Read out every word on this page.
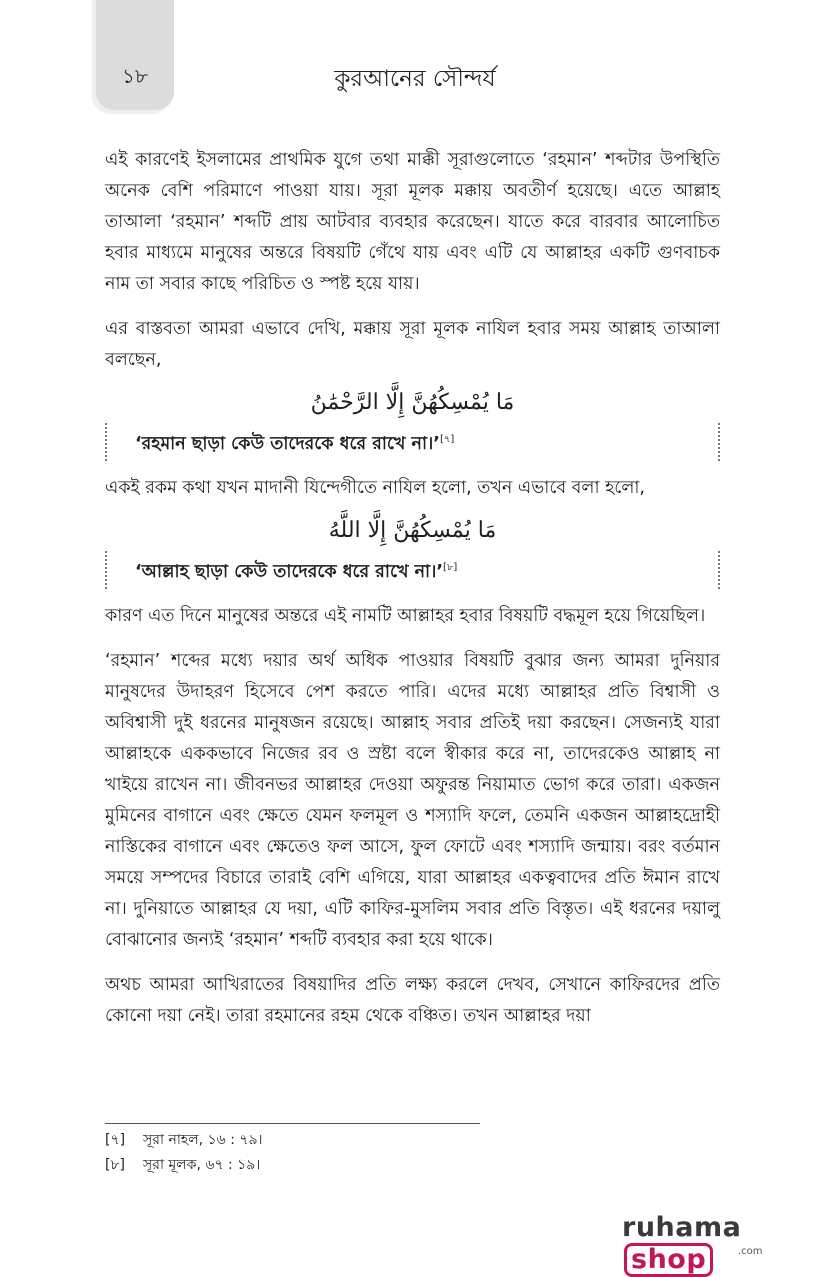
১৮	কুরআনের সৌন্দর্য

এই কারণেই ইসলামের প্রাথমিক যুগে তথা মাক্কী সূরাগুলোতে ‘রহমান’ শব্দটার উপস্থিতি অনেক বেশি পরিমাণে পাওয়া যায়। সূরা মূলক মক্কায় অবতীর্ণ হয়েছে। এতে আল্লাহ তাআলা ‘রহমান’ শব্দটি প্রায় আটবার ব্যবহার করেছেন। যাতে করে বারবার আলোচিত হবার মাধ্যমে মানুষের অন্তরে বিষয়টি গেঁথে যায় এবং এটি যে আল্লাহর একটি গুণবাচক নাম তা সবার কাছে পরিচিত ও স্পষ্ট হয়ে যায়।

এর বাস্তবতা আমরা এভাবে দেখি, মক্কায় সূরা মূলক নাযিল হবার সময় আল্লাহ তাআলা বলছেন,

مَا يُمْسِكُهُنَّ إِلَّا الرَّحْمَٰنُ
‘রহমান ছাড়া কেউ তাদেরকে ধরে রাখে না।’[৭]

একই রকম কথা যখন মাদানী যিন্দেগীতে নাযিল হলো, তখন এভাবে বলা হলো,

مَا يُمْسِكُهُنَّ إِلَّا اللَّهُ
‘আল্লাহ ছাড়া কেউ তাদেরকে ধরে রাখে না।’[৮]

কারণ এত দিনে মানুষের অন্তরে এই নামটি আল্লাহর হবার বিষয়টি বদ্ধমূল হয়ে গিয়েছিল।

‘রহমান’ শব্দের মধ্যে দয়ার অর্থ অধিক পাওয়ার বিষয়টি বুঝার জন্য আমরা দুনিয়ার মানুষদের উদাহরণ হিসেবে পেশ করতে পারি। এদের মধ্যে আল্লাহর প্রতি বিশ্বাসী ও অবিশ্বাসী দুই ধরনের মানুষজন রয়েছে। আল্লাহ সবার প্রতিই দয়া করছেন। সেজন্যই যারা আল্লাহকে এককভাবে নিজের রব ও স্রষ্টা বলে স্বীকার করে না, তাদেরকেও আল্লাহ না খাইয়ে রাখেন না। জীবনভর আল্লাহর দেওয়া অফুরন্ত নিয়ামাত ভোগ করে তারা। একজন মুমিনের বাগানে এবং ক্ষেতে যেমন ফলমূল ও শস্যাদি ফলে, তেমনি একজন আল্লাহদ্রোহী নাস্তিকের বাগানে এবং ক্ষেতেও ফল আসে, ফুল ফোটে এবং শস্যাদি জন্মায়। বরং বর্তমান সময়ে সম্পদের বিচারে তারাই বেশি এগিয়ে, যারা আল্লাহর একত্ববাদের প্রতি ঈমান রাখে না। দুনিয়াতে আল্লাহর যে দয়া, এটি কাফির-মুসলিম সবার প্রতি বিস্তৃত। এই ধরনের দয়ালু বোঝানোর জন্যই ‘রহমান’ শব্দটি ব্যবহার করা হয়ে থাকে।

অথচ আমরা আখিরাতের বিষয়াদির প্রতি লক্ষ্য করলে দেখব, সেখানে কাফিরদের প্রতি কোনো দয়া নেই। তারা রহমানের রহম থেকে বঞ্চিত। তখন আল্লাহর দয়া

[৭] সূরা নাহল, ১৬ : ৭৯।
[৮] সূরা মূলক, ৬৭ : ১৯।
ruhamashop	.com
